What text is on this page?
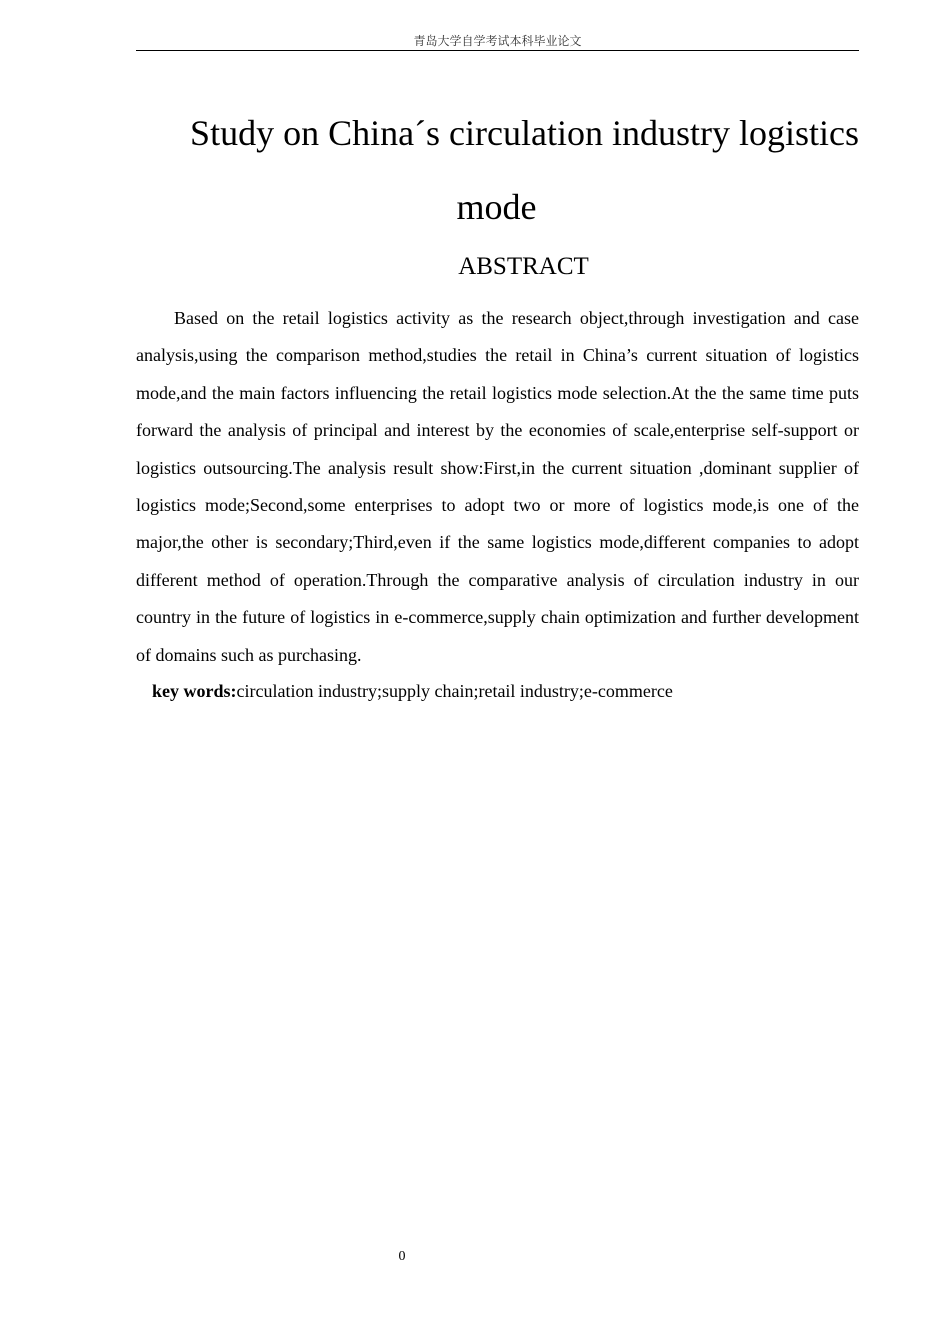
青岛大学自学考试本科毕业论文
Study on China´s circulation industry logistics
mode
ABSTRACT

Based on the retail logistics activity as the research object,through investigation and case analysis,using the comparison method,studies the retail in China’s current situation of logistics mode,and the main factors influencing the retail logistics mode selection.At the the same time puts forward the analysis of principal and interest by the economies of scale,enterprise self-support or logistics outsourcing.The analysis result show:First,in the current situation ,dominant supplier of logistics mode;Second,some enterprises to adopt two or more of logistics mode,is one of the major,the other is secondary;Third,even if the same logistics mode,different companies to adopt different method of operation.Through the comparative analysis of circulation industry in our country in the future of logistics in e-commerce,supply chain optimization and further development of domains such as purchasing.

key words:circulation industry;supply chain;retail industry;e-commerce

0
